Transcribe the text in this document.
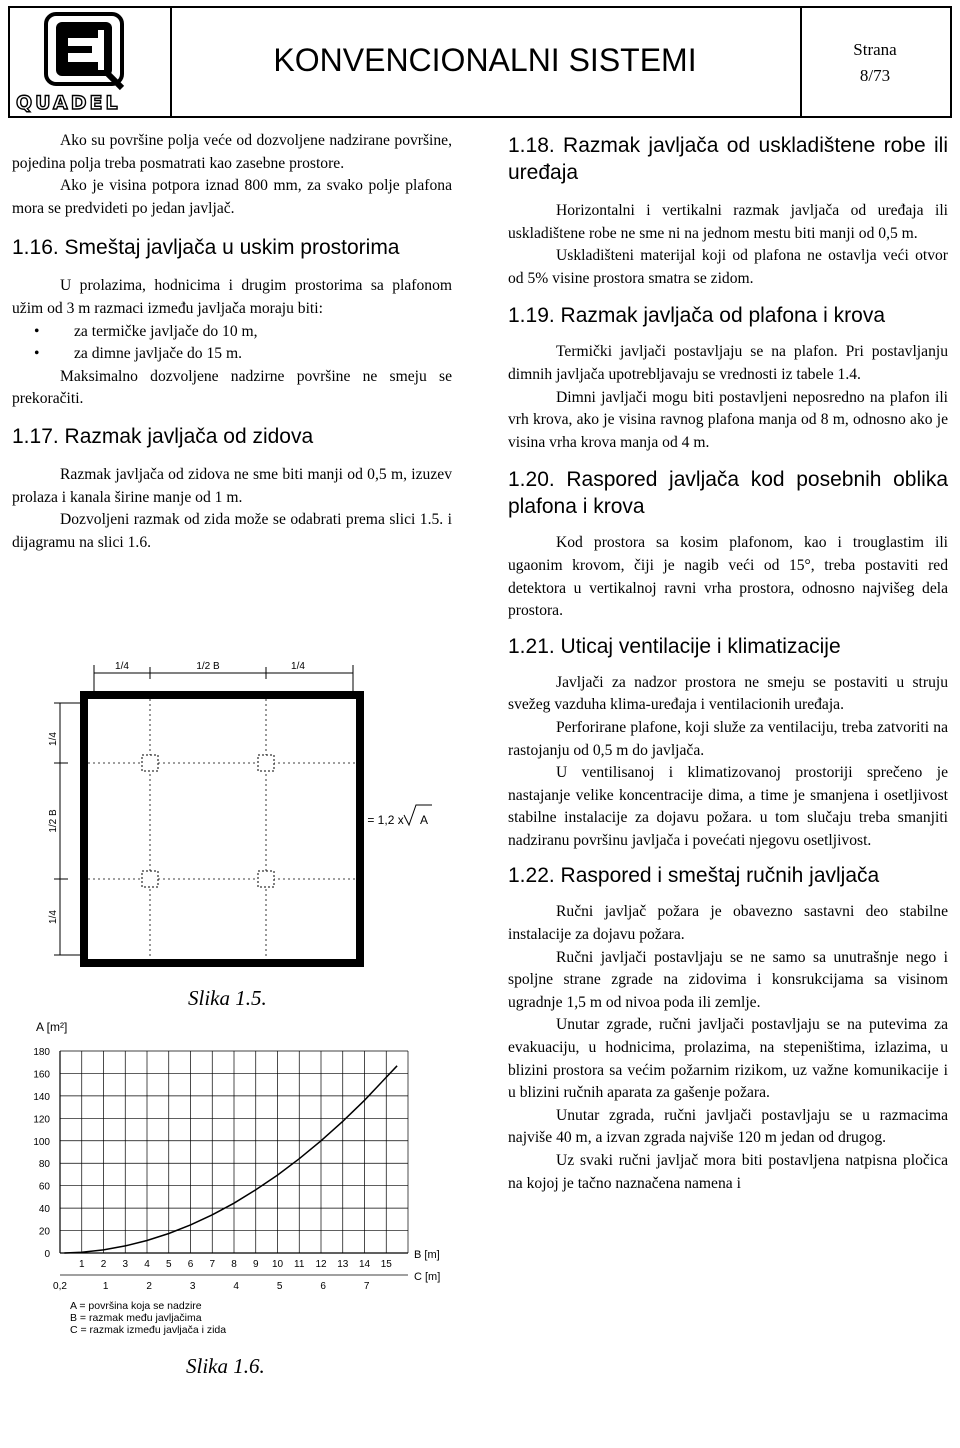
QUADEL
KONVENCIONALNI SISTEMI	Strana
8/73

Ako su površine polja veće od dozvoljene nadzirane površine, pojedina polja treba posmatrati kao zasebne prostore.

Ako je visina potpora iznad 800 mm, za svako polje plafona mora se predvideti po jedan javljač.

1.16. Smeštaj javljača u uskim prostorima

U prolazima, hodnicima i drugim prostorima sa plafonom užim od 3 m razmaci između javljača moraju biti:

• za termičke javljače do 10 m,

• za dimne javljače do 15 m.

Maksimalno dozvoljene nadzirne površine ne smeju se prekoračiti.

1.17. Razmak javljača od zidova

Razmak javljača od zidova ne sme biti manji od 0,5 m, izuzev prolaza i kanala širine manje od 1 m.

Dozvoljeni razmak od zida može se odabrati prema slici 1.5. i dijagramu na slici 1.6.

1/4	1/2 B	1/4
1/4
1/2 B
1/4
B = 1,2 x A
Slika 1.5.
A [m²]
0
20
40
60
80
100
120
140
160
180
1 2 3 4 5 6 7 8 9 10 11 12 13 14 15
0,2	1	2	3	4	5	6	7
B [m]
C [m]
A = površina koja se nadzire
B = razmak među javljačima
C = razmak između javljača i zida
Slika 1.6.

1.18. Razmak javljača od uskladištene robe ili uređaja

Horizontalni i vertikalni razmak javljača od uređaja ili uskladištene robe ne sme ni na jednom mestu biti manji od 0,5 m.

Uskladišteni materijal koji od plafona ne ostavlja veći otvor od 5% visine prostora smatra se zidom.

1.19. Razmak javljača od plafona i krova

Termički javljači postavljaju se na plafon. Pri postavljanju dimnih javljača upotrebljavaju se vrednosti iz tabele 1.4.

Dimni javljači mogu biti postavljeni neposredno na plafon ili vrh krova, ako je visina ravnog plafona manja od 8 m, odnosno ako je visina vrha krova manja od 4 m.

1.20. Raspored javljača kod posebnih oblika plafona i krova

Kod prostora sa kosim plafonom, kao i trouglastim ili ugaonim krovom, čiji je nagib veći od 15°, treba postaviti red detektora u vertikalnoj ravni vrha prostora, odnosno najvišeg dela prostora.

1.21. Uticaj ventilacije i klimatizacije

Javljači za nadzor prostora ne smeju se postaviti u struju svežeg vazduha klima-uređaja i ventilacionih uređaja.

Perforirane plafone, koji služe za ventilaciju, treba zatvoriti na rastojanju od 0,5 m do javljača.

U ventilisanoj i klimatizovanoj prostoriji sprečeno je nastajanje velike koncentracije dima, a time je smanjena i osetljivost stabilne instalacije za dojavu požara. u tom slučaju treba smanjiti nadziranu površinu javljača i povećati njegovu osetljivost.

1.22. Raspored i smeštaj ručnih javljača

Ručni javljač požara je obavezno sastavni deo stabilne instalacije za dojavu požara.

Ručni javljači postavljaju se ne samo sa unutrašnje nego i spoljne strane zgrade na zidovima i konsrukcijama sa visinom ugradnje 1,5 m od nivoa poda ili zemlje.

Unutar zgrade, ručni javljači postavljaju se na putevima za evakuaciju, u hodnicima, prolazima, na stepeništima, izlazima, u blizini prostora sa većim požarnim rizikom, uz važne komunikacije i u blizini ručnih aparata za gašenje požara.

Unutar zgrada, ručni javljači postavljaju se u razmacima najviše 40 m, a izvan zgrada najviše 120 m jedan od drugog.

Uz svaki ručni javljač mora biti postavljena natpisna pločica na kojoj je tačno naznačena namena i
